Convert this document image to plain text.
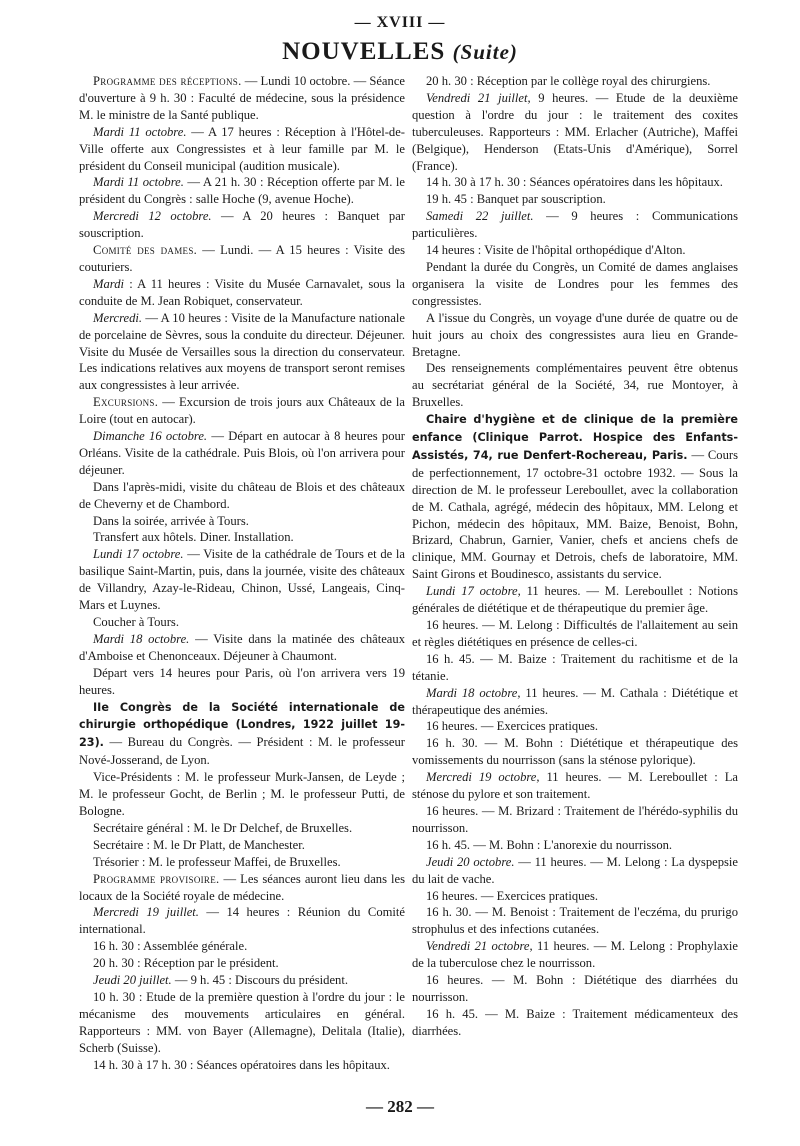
— XVIII —
NOUVELLES (Suite)

Programme des réceptions. — Lundi 10 octobre. — Séance d'ouverture à 9 h. 30 : Faculté de médecine, sous la présidence M. le ministre de la Santé publique.

Mardi 11 octobre. — A 17 heures : Réception à l'Hôtel-de-Ville offerte aux Congressistes et à leur famille par M. le président du Conseil municipal (audition musicale).

Mardi 11 octobre. — A 21 h. 30 : Réception offerte par M. le président du Congrès : salle Hoche (9, avenue Hoche).

Mercredi 12 octobre. — A 20 heures : Banquet par souscription.

Comité des dames. — Lundi. — A 15 heures : Visite des couturiers.

Mardi : A 11 heures : Visite du Musée Carnavalet, sous la conduite de M. Jean Robiquet, conservateur.

Mercredi. — A 10 heures : Visite de la Manufacture nationale de porcelaine de Sèvres, sous la conduite du directeur. Déjeuner. Visite du Musée de Versailles sous la direction du conservateur. Les indications relatives aux moyens de transport seront remises aux congressistes à leur arrivée.

Excursions. — Excursion de trois jours aux Châteaux de la Loire (tout en autocar).

Dimanche 16 octobre. — Départ en autocar à 8 heures pour Orléans. Visite de la cathédrale. Puis Blois, où l'on arrivera pour déjeuner.

Dans l'après-midi, visite du château de Blois et des châteaux de Cheverny et de Chambord.

Dans la soirée, arrivée à Tours.

Transfert aux hôtels. Diner. Installation.

Lundi 17 octobre. — Visite de la cathédrale de Tours et de la basilique Saint-Martin, puis, dans la journée, visite des châteaux de Villandry, Azay-le-Rideau, Chinon, Ussé, Langeais, Cinq-Mars et Luynes.

Coucher à Tours.

Mardi 18 octobre. — Visite dans la matinée des châteaux d'Amboise et Chenonceaux. Déjeuner à Chaumont.

Départ vers 14 heures pour Paris, où l'on arrivera vers 19 heures.

IIe Congrès de la Société internationale de chirurgie orthopédique (Londres, 1922 juillet 19-23). — Bureau du Congrès. — Président : M. le professeur Nové-Josserand, de Lyon.

Vice-Présidents : M. le professeur Murk-Jansen, de Leyde ; M. le professeur Gocht, de Berlin ; M. le professeur Putti, de Bologne.

Secrétaire général : M. le Dr Delchef, de Bruxelles.

Secrétaire : M. le Dr Platt, de Manchester.

Trésorier : M. le professeur Maffei, de Bruxelles.

Programme provisoire. — Les séances auront lieu dans les locaux de la Société royale de médecine.

Mercredi 19 juillet. — 14 heures : Réunion du Comité international.

16 h. 30 : Assemblée générale.

20 h. 30 : Réception par le président.

Jeudi 20 juillet. — 9 h. 45 : Discours du président.

10 h. 30 : Etude de la première question à l'ordre du jour : le mécanisme des mouvements articulaires en général. Rapporteurs : MM. von Bayer (Allemagne), Delitala (Italie), Scherb (Suisse).

14 h. 30 à 17 h. 30 : Séances opératoires dans les hôpitaux.

20 h. 30 : Réception par le collège royal des chirurgiens.

Vendredi 21 juillet, 9 heures. — Etude de la deuxième question à l'ordre du jour : le traitement des coxites tuberculeuses. Rapporteurs : MM. Erlacher (Autriche), Maffei (Belgique), Henderson (Etats-Unis d'Amérique), Sorrel (France).

14 h. 30 à 17 h. 30 : Séances opératoires dans les hôpitaux.

19 h. 45 : Banquet par souscription.

Samedi 22 juillet. — 9 heures : Communications particulières.

14 heures : Visite de l'hôpital orthopédique d'Alton.

Pendant la durée du Congrès, un Comité de dames anglaises organisera la visite de Londres pour les femmes des congressistes.

A l'issue du Congrès, un voyage d'une durée de quatre ou de huit jours au choix des congressistes aura lieu en Grande-Bretagne.

Des renseignements complémentaires peuvent être obtenus au secrétariat général de la Société, 34, rue Montoyer, à Bruxelles.

Chaire d'hygiène et de clinique de la première enfance (Clinique Parrot. Hospice des Enfants-Assistés, 74, rue Denfert-Rochereau, Paris. — Cours de perfectionnement, 17 octobre-31 octobre 1932. — Sous la direction de M. le professeur Lereboullet, avec la collaboration de M. Cathala, agrégé, médecin des hôpitaux, MM. Lelong et Pichon, médecin des hôpitaux, MM. Baize, Benoist, Bohn, Brizard, Chabrun, Garnier, Vanier, chefs et anciens chefs de clinique, MM. Gournay et Detrois, chefs de laboratoire, MM. Saint Girons et Boudinesco, assistants du service.

Lundi 17 octobre, 11 heures. — M. Lereboullet : Notions générales de diététique et de thérapeutique du premier âge.

16 heures. — M. Lelong : Difficultés de l'allaitement au sein et règles diététiques en présence de celles-ci.

16 h. 45. — M. Baize : Traitement du rachitisme et de la tétanie.

Mardi 18 octobre, 11 heures. — M. Cathala : Diététique et thérapeutique des anémies.

16 heures. — Exercices pratiques.

16 h. 30. — M. Bohn : Diététique et thérapeutique des vomissements du nourrisson (sans la sténose pylorique).

Mercredi 19 octobre, 11 heures. — M. Lereboullet : La sténose du pylore et son traitement.

16 heures. — M. Brizard : Traitement de l'hérédo-syphilis du nourrisson.

16 h. 45. — M. Bohn : L'anorexie du nourrisson.

Jeudi 20 octobre. — 11 heures. — M. Lelong : La dyspepsie du lait de vache.

16 heures. — Exercices pratiques.

16 h. 30. — M. Benoist : Traitement de l'eczéma, du prurigo strophulus et des infections cutanées.

Vendredi 21 octobre, 11 heures. — M. Lelong : Prophylaxie de la tuberculose chez le nourrisson.

16 heures. — M. Bohn : Diététique des diarrhées du nourrisson.

16 h. 45. — M. Baize : Traitement médicamenteux des diarrhées.

— 282 —
